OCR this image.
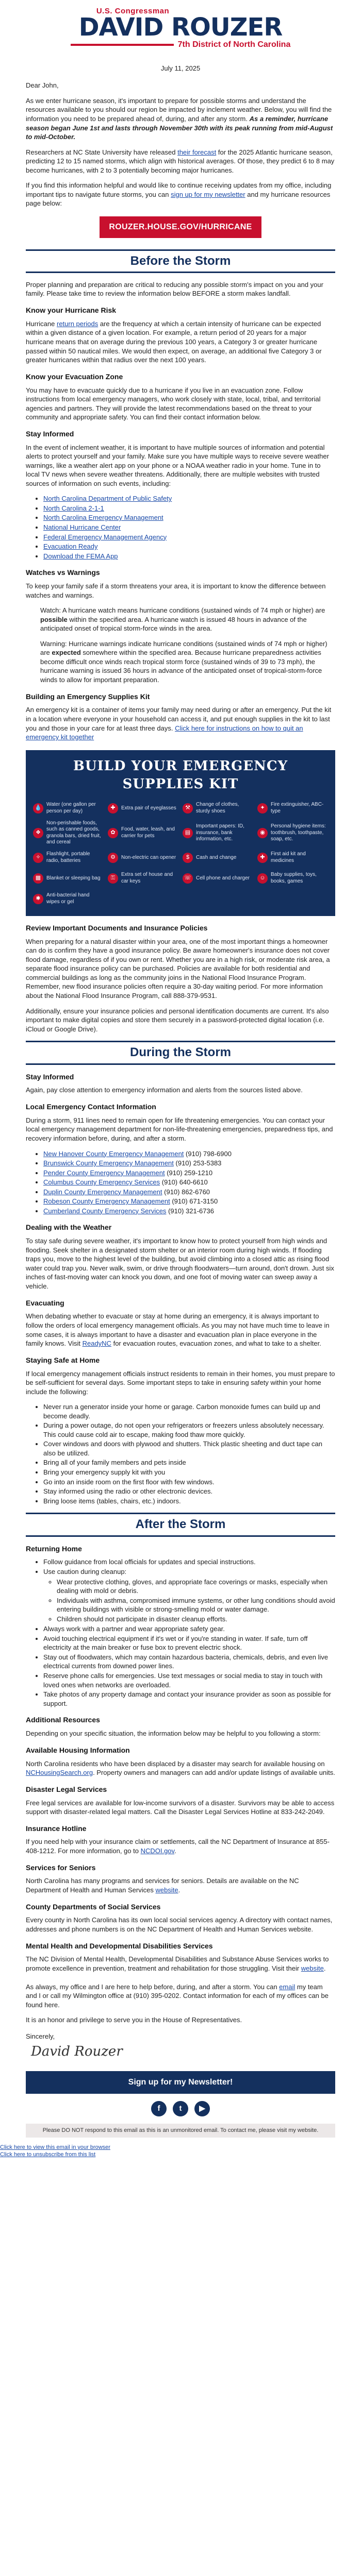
U.S. Congressman
DAVID ROUZER
7th District of North Carolina
July 11, 2025

Dear John,

As we enter hurricane season, it's important to prepare for possible storms and understand the resources available to you should our region be impacted by inclement weather. Below, you will find the information you need to be prepared ahead of, during, and after any storm. As a reminder, hurricane season began June 1st and lasts through November 30th with its peak running from mid-August to mid-October.

Researchers at NC State University have released their forecast for the 2025 Atlantic hurricane season, predicting 12 to 15 named storms, which align with historical averages. Of those, they predict 6 to 8 may become hurricanes, with 2 to 3 potentially becoming major hurricanes.

If you find this information helpful and would like to continue receiving updates from my office, including important tips to navigate future storms, you can sign up for my newsletter and my hurricane resources page below:

ROUZER.HOUSE.GOV/HURRICANE
Before the Storm

Proper planning and preparation are critical to reducing any possible storm's impact on you and your family. Please take time to review the information below BEFORE a storm makes landfall.

Know your Hurricane Risk

Hurricane return periods are the frequency at which a certain intensity of hurricane can be expected within a given distance of a given location. For example, a return period of 20 years for a major hurricane means that on average during the previous 100 years, a Category 3 or greater hurricane passed within 50 nautical miles. We would then expect, on average, an additional five Category 3 or greater hurricanes within that radius over the next 100 years.

Know your Evacuation Zone

You may have to evacuate quickly due to a hurricane if you live in an evacuation zone. Follow instructions from local emergency managers, who work closely with state, local, tribal, and territorial agencies and partners. They will provide the latest recommendations based on the threat to your community and appropriate safety. You can find their contact information below.

Stay Informed

In the event of inclement weather, it is important to have multiple sources of information and potential alerts to protect yourself and your family. Make sure you have multiple ways to receive severe weather warnings, like a weather alert app on your phone or a NOAA weather radio in your home. Tune in to local TV news when severe weather threatens. Additionally, there are multiple websites with trusted sources of information on such events, including:

• North Carolina Department of Public Safety
• North Carolina 2-1-1
• North Carolina Emergency Management
• National Hurricane Center
• Federal Emergency Management Agency
• Evacuation Ready
• Download the FEMA App
Watches vs Warnings

To keep your family safe if a storm threatens your area, it is important to know the difference between watches and warnings.

Watch: A hurricane watch means hurricane conditions (sustained winds of 74 mph or higher) are possible within the specified area. A hurricane watch is issued 48 hours in advance of the anticipated onset of tropical storm-force winds in the area.

Warning: Hurricane warnings indicate hurricane conditions (sustained winds of 74 mph or higher) are expected somewhere within the specified area. Because hurricane preparedness activities become difficult once winds reach tropical storm force (sustained winds of 39 to 73 mph), the hurricane warning is issued 36 hours in advance of the anticipated onset of tropical-storm-force winds to allow for important preparation.

Building an Emergency Supplies Kit

An emergency kit is a container of items your family may need during or after an emergency. Put the kit in a location where everyone in your household can access it, and put enough supplies in the kit to last you and those in your care for at least three days. Click here for instructions on how to quit an emergency kit together

BUILD YOUR EMERGENCY SUPPLIES KIT
💧
Water (one gallon per person per day)
✚	Extra pair of eyeglasses	⚒
Change of clothes, sturdy shoes
✦
Fire extinguisher, ABC-type
❖
Non-perishable foods, such as canned goods, granola bars, dried fruit, and cereal
✿
Food, water, leash, and carrier for pets
▤
Important papers: ID, insurance, bank information, etc.
◉
Personal hygiene items: toothbrush, toothpaste, soap, etc.
✧
Flashlight, portable radio, batteries
⚙	Non-electric can opener	$	Cash and change	✚
First aid kit and medicines
▦	Blanket or sleeping bag	⚿
Extra set of house and car keys
☏ Cell phone and charger	☺
Baby supplies, toys, books, games
✱
Anti-bacterial hand wipes or gel
Review Important Documents and Insurance Policies

When preparing for a natural disaster within your area, one of the most important things a homeowner can do is confirm they have a good insurance policy. Be aware homeowner's insurance does not cover flood damage, regardless of if you own or rent. Whether you are in a high risk, or moderate risk area, a separate flood insurance policy can be purchased. Policies are available for both residential and commercial buildings as long as the community joins in the National Flood Insurance Program. Remember, new flood insurance policies often require a 30-day waiting period. For more information about the National Flood Insurance Program, call 888-379-9531.

Additionally, ensure your insurance policies and personal identification documents are current. It's also important to make digital copies and store them securely in a password-protected digital location (i.e. iCloud or Google Drive).

During the Storm
Stay Informed

Again, pay close attention to emergency information and alerts from the sources listed above.

Local Emergency Contact Information

During a storm, 911 lines need to remain open for life threatening emergencies. You can contact your local emergency management department for non-life-threatening emergencies, preparedness tips, and recovery information before, during, and after a storm.

• New Hanover County Emergency Management (910) 798-6900
• Brunswick County Emergency Management (910) 253-5383
• Pender County Emergency Management (910) 259-1210
• Columbus County Emergency Services (910) 640-6610
• Duplin County Emergency Management (910) 862-6760
• Robeson County Emergency Management (910) 671-3150
• Cumberland County Emergency Services (910) 321-6736
Dealing with the Weather

To stay safe during severe weather, it's important to know how to protect yourself from high winds and flooding. Seek shelter in a designated storm shelter or an interior room during high winds. If flooding traps you, move to the highest level of the building, but avoid climbing into a closed attic as rising flood water could trap you. Never walk, swim, or drive through floodwaters—turn around, don't drown. Just six inches of fast-moving water can knock you down, and one foot of moving water can sweep away a vehicle.

Evacuating

When debating whether to evacuate or stay at home during an emergency, it is always important to follow the orders of local emergency management officials. As you may not have much time to leave in some cases, it is always important to have a disaster and evacuation plan in place everyone in the family knows. Visit ReadyNC for evacuation routes, evacuation zones, and what to take to a shelter.

Staying Safe at Home

If local emergency management officials instruct residents to remain in their homes, you must prepare to be self-sufficient for several days. Some important steps to take in ensuring safety within your home include the following:

• Never run a generator inside your home or garage. Carbon monoxide fumes can build up and become deadly.
• During a power outage, do not open your refrigerators or freezers unless absolutely necessary. This could cause cold air to escape, making food thaw more quickly.
• Cover windows and doors with plywood and shutters. Thick plastic sheeting and duct tape can also be utilized.
• Bring all of your family members and pets inside
• Bring your emergency supply kit with you
• Go into an inside room on the first floor with few windows.
• Stay informed using the radio or other electronic devices.
• Bring loose items (tables, chairs, etc.) indoors.
After the Storm
Returning Home
• Follow guidance from local officials for updates and special instructions.
• Use caution during cleanup:
◦ Wear protective clothing, gloves, and appropriate face coverings or masks, especially when dealing with mold or debris.
◦ Individuals with asthma, compromised immune systems, or other lung conditions should avoid entering buildings with visible or strong-smelling mold or water damage.
◦ Children should not participate in disaster cleanup efforts.
• Always work with a partner and wear appropriate safety gear.
• Avoid touching electrical equipment if it's wet or if you're standing in water. If safe, turn off electricity at the main breaker or fuse box to prevent electric shock.
• Stay out of floodwaters, which may contain hazardous bacteria, chemicals, debris, and even live electrical currents from downed power lines.
• Reserve phone calls for emergencies. Use text messages or social media to stay in touch with loved ones when networks are overloaded.
• Take photos of any property damage and contact your insurance provider as soon as possible for support.
Additional Resources

Depending on your specific situation, the information below may be helpful to you following a storm:

Available Housing Information

North Carolina residents who have been displaced by a disaster may search for available housing on NCHousingSearch.org. Property owners and managers can add and/or update listings of available units.

Disaster Legal Services

Free legal services are available for low-income survivors of a disaster. Survivors may be able to access support with disaster-related legal matters. Call the Disaster Legal Services Hotline at 833-242-2049.

Insurance Hotline

If you need help with your insurance claim or settlements, call the NC Department of Insurance at 855-408-1212. For more information, go to NCDOI.gov.

Services for Seniors

North Carolina has many programs and services for seniors. Details are available on the NC Department of Health and Human Services website.

County Departments of Social Services

Every county in North Carolina has its own local social services agency. A directory with contact names, addresses and phone numbers is on the NC Department of Health and Human Services website.

Mental Health and Developmental Disabilities Services

The NC Division of Mental Health, Developmental Disabilities and Substance Abuse Services works to promote excellence in prevention, treatment and rehabilitation for those struggling. Visit their website.

As always, my office and I are here to help before, during, and after a storm. You can email my team and I or call my Wilmington office at (910) 395-0202. Contact information for each of my offices can be found here.

It is an honor and privilege to serve you in the House of Representatives.

Sincerely,
David Rouzer
Sign up for my Newsletter!
f	t	▶
Please DO NOT respond to this email as this is an unmonitored email. To contact me, please visit my website.
Click here to view this email in your browser
Click here to unsubscribe from this list
